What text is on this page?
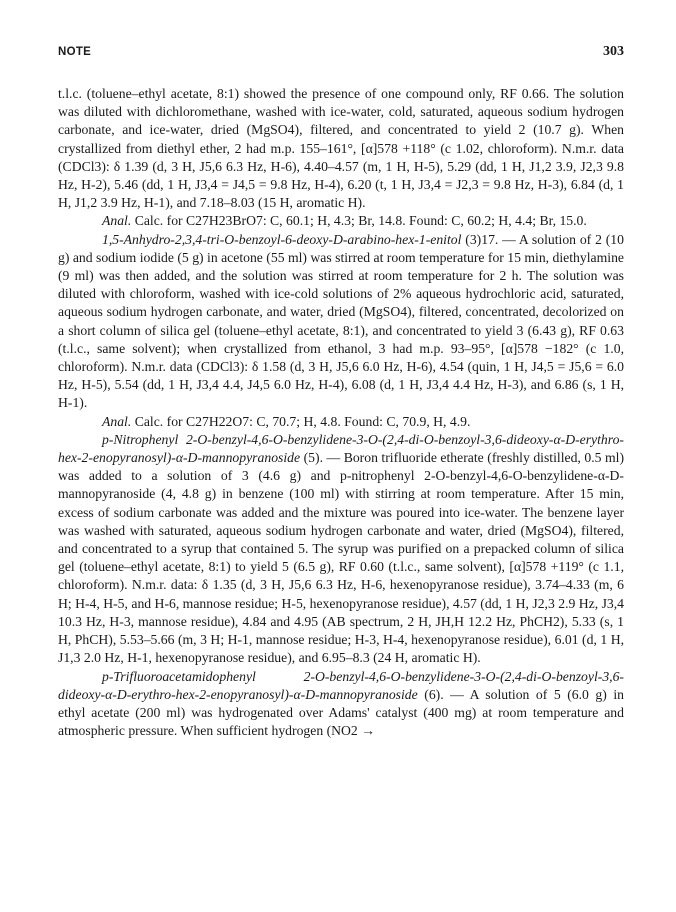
NOTE	303

t.l.c. (toluene–ethyl acetate, 8:1) showed the presence of one compound only, RF 0.66. The solution was diluted with dichloromethane, washed with ice-water, cold, saturated, aqueous sodium hydrogen carbonate, and ice-water, dried (MgSO4), filtered, and concentrated to yield 2 (10.7 g). When crystallized from diethyl ether, 2 had m.p. 155–161°, [α]578 +118° (c 1.02, chloroform). N.m.r. data (CDCl3): δ 1.39 (d, 3 H, J5,6 6.3 Hz, H-6), 4.40–4.57 (m, 1 H, H-5), 5.29 (dd, 1 H, J1,2 3.9, J2,3 9.8 Hz, H-2), 5.46 (dd, 1 H, J3,4 = J4,5 = 9.8 Hz, H-4), 6.20 (t, 1 H, J3,4 = J2,3 = 9.8 Hz, H-3), 6.84 (d, 1 H, J1,2 3.9 Hz, H-1), and 7.18–8.03 (15 H, aromatic H).

Anal. Calc. for C27H23BrO7: C, 60.1; H, 4.3; Br, 14.8. Found: C, 60.2; H, 4.4; Br, 15.0.

1,5-Anhydro-2,3,4-tri-O-benzoyl-6-deoxy-D-arabino-hex-1-enitol (3)17. — A solution of 2 (10 g) and sodium iodide (5 g) in acetone (55 ml) was stirred at room temperature for 15 min, diethylamine (9 ml) was then added, and the solution was stirred at room temperature for 2 h. The solution was diluted with chloroform, washed with ice-cold solutions of 2% aqueous hydrochloric acid, saturated, aqueous sodium hydrogen carbonate, and water, dried (MgSO4), filtered, concentrated, decolorized on a short column of silica gel (toluene–ethyl acetate, 8:1), and concentrated to yield 3 (6.43 g), RF 0.63 (t.l.c., same solvent); when crystallized from ethanol, 3 had m.p. 93–95°, [α]578 −182° (c 1.0, chloroform). N.m.r. data (CDCl3): δ 1.58 (d, 3 H, J5,6 6.0 Hz, H-6), 4.54 (quin, 1 H, J4,5 = J5,6 = 6.0 Hz, H-5), 5.54 (dd, 1 H, J3,4 4.4, J4,5 6.0 Hz, H-4), 6.08 (d, 1 H, J3,4 4.4 Hz, H-3), and 6.86 (s, 1 H, H-1).

Anal. Calc. for C27H22O7: C, 70.7; H, 4.8. Found: C, 70.9, H, 4.9.

p-Nitrophenyl 2-O-benzyl-4,6-O-benzylidene-3-O-(2,4-di-O-benzoyl-3,6-dideoxy-α-D-erythro-hex-2-enopyranosyl)-α-D-mannopyranoside (5). — Boron trifluoride etherate (freshly distilled, 0.5 ml) was added to a solution of 3 (4.6 g) and p-nitrophenyl 2-O-benzyl-4,6-O-benzylidene-α-D-mannopyranoside (4, 4.8 g) in benzene (100 ml) with stirring at room temperature. After 15 min, excess of sodium carbonate was added and the mixture was poured into ice-water. The benzene layer was washed with saturated, aqueous sodium hydrogen carbonate and water, dried (MgSO4), filtered, and concentrated to a syrup that contained 5. The syrup was purified on a prepacked column of silica gel (toluene–ethyl acetate, 8:1) to yield 5 (6.5 g), RF 0.60 (t.l.c., same solvent), [α]578 +119° (c 1.1, chloroform). N.m.r. data: δ 1.35 (d, 3 H, J5,6 6.3 Hz, H-6, hexenopyranose residue), 3.74–4.33 (m, 6 H; H-4, H-5, and H-6, mannose residue; H-5, hexenopyranose residue), 4.57 (dd, 1 H, J2,3 2.9 Hz, J3,4 10.3 Hz, H-3, mannose residue), 4.84 and 4.95 (AB spectrum, 2 H, JH,H 12.2 Hz, PhCH2), 5.33 (s, 1 H, PhCH), 5.53–5.66 (m, 3 H; H-1, mannose residue; H-3, H-4, hexenopyranose residue), 6.01 (d, 1 H, J1,3 2.0 Hz, H-1, hexenopyranose residue), and 6.95–8.3 (24 H, aromatic H).

p-Trifluoroacetamidophenyl 2-O-benzyl-4,6-O-benzylidene-3-O-(2,4-di-O-benzoyl-3,6-dideoxy-α-D-erythro-hex-2-enopyranosyl)-α-D-mannopyranoside (6). — A solution of 5 (6.0 g) in ethyl acetate (200 ml) was hydrogenated over Adams' catalyst (400 mg) at room temperature and atmospheric pressure. When sufficient hydrogen (NO2 →
